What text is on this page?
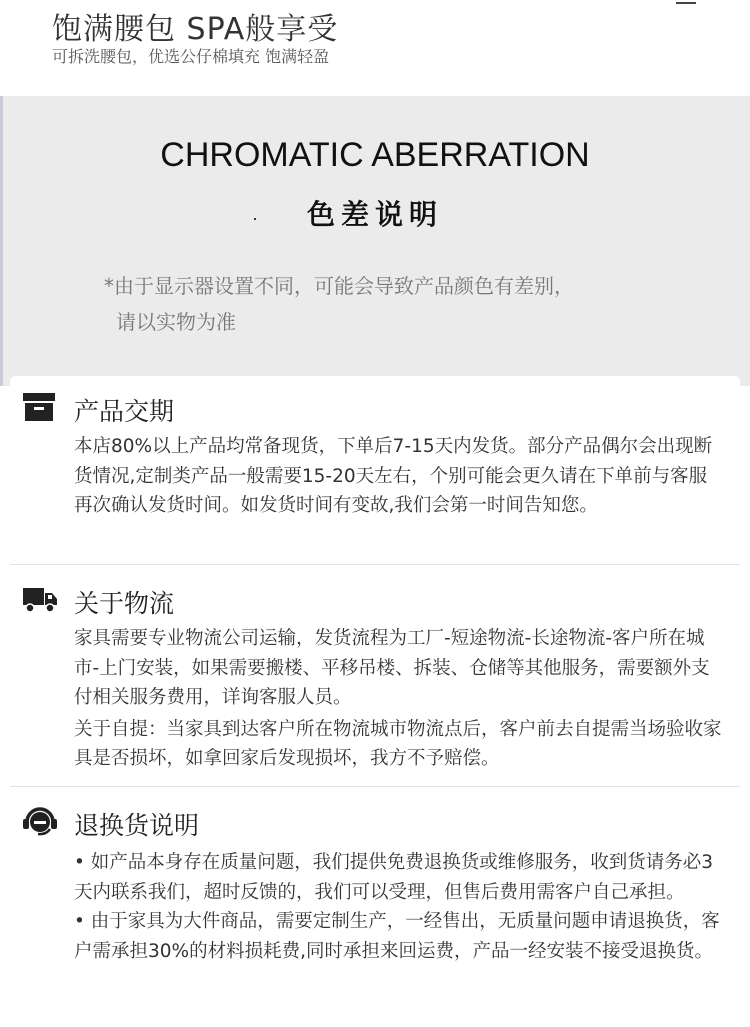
饱满腰包 SPA般享受
可拆洗腰包，优选公仔棉填充 饱满轻盈
CHROMATIC ABERRATION
色差说明
*由于显示器设置不同，可能会导致产品颜色有差别，
请以实物为准
产品交期

本店80%以上产品均常备现货，下单后7-15天内发货。部分产品偶尔会出现断货情况,定制类产品一般需要15-20天左右，个别可能会更久请在下单前与客服再次确认发货时间。如发货时间有变故,我们会第一时间告知您。

关于物流

家具需要专业物流公司运输，发货流程为工厂-短途物流-长途物流-客户所在城市-上门安装，如果需要搬楼、平移吊楼、拆装、仓储等其他服务，需要额外支付相关服务费用，详询客服人员。

关于自提：当家具到达客户所在物流城市物流点后，客户前去自提需当场验收家具是否损坏，如拿回家后发现损坏，我方不予赔偿。

退换货说明

• 如产品本身存在质量问题，我们提供免费退换货或维修服务，收到货请务必3天内联系我们，超时反馈的，我们可以受理，但售后费用需客户自己承担。

• 由于家具为大件商品，需要定制生产，一经售出，无质量问题申请退换货，客户需承担30%的材料损耗费,同时承担来回运费，产品一经安装不接受退换货。
